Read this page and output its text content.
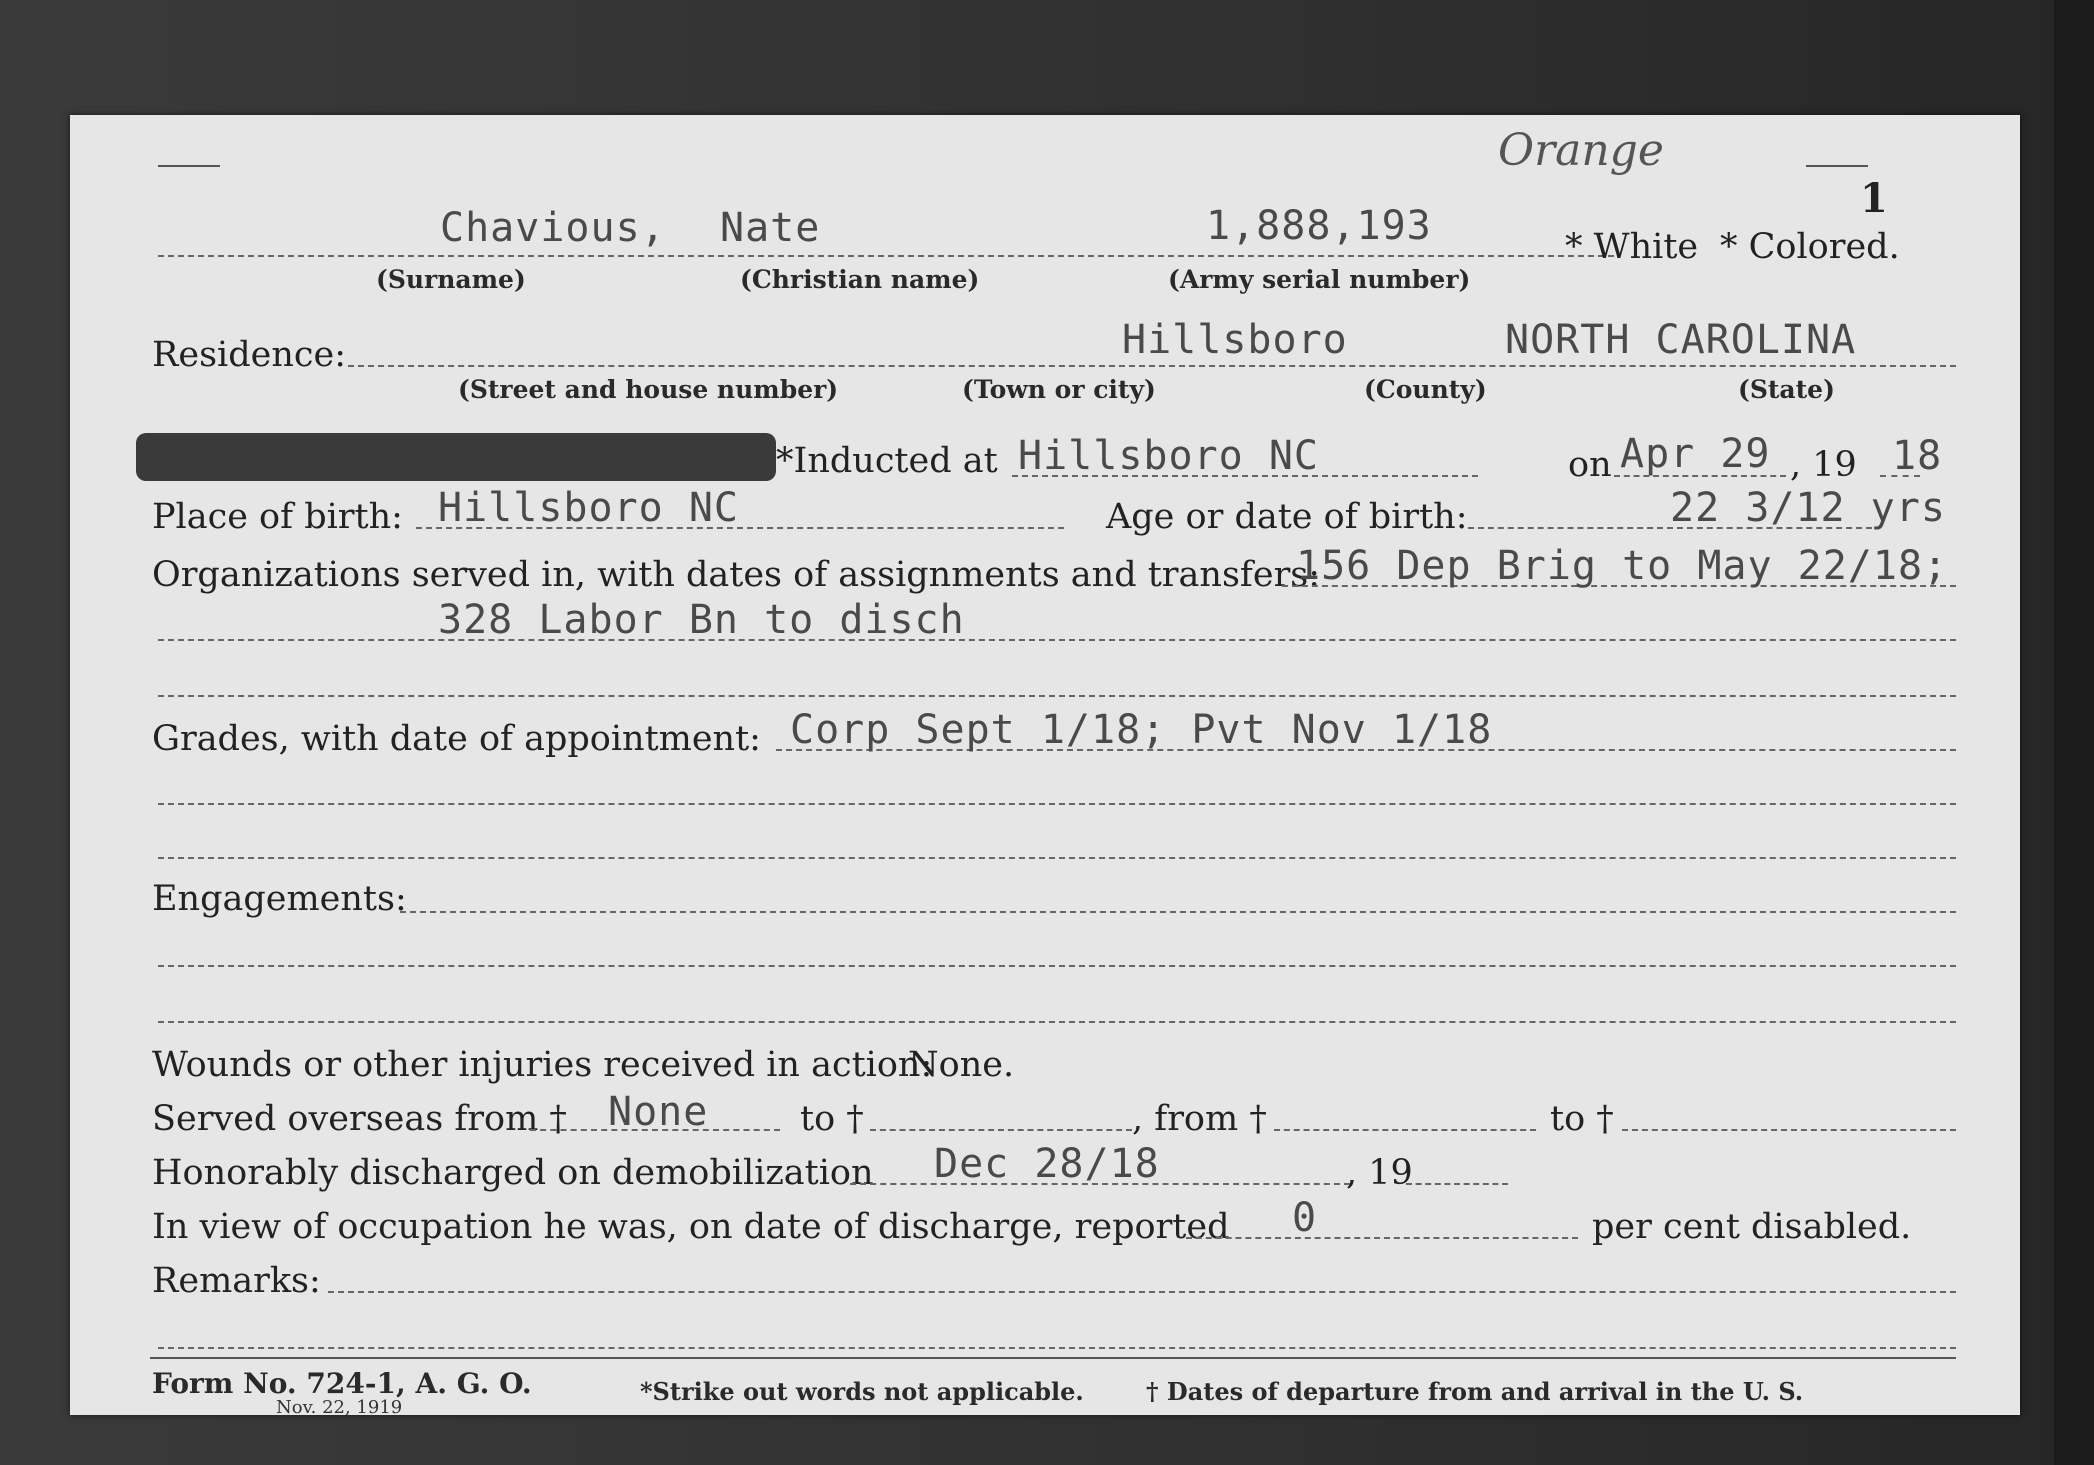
Orange
1
Chavious, Nate	1,888,193	* White * Colored.
(Surname)	(Christian name)	(Army serial number)
Residence:	Hillsboro	NORTH CAROLINA
(Street and house number)	(Town or city)	(County)	(State)
*Inducted at Hillsboro NC	on Apr 29 , 19 18
Place of birth: Hillsboro NC	Age or date of birth:	22 3/12 yrs
Organizations served in, with dates of assignments and transfers:
156 Dep Brig to May 22/18;
328 Labor Bn to disch
Grades, with date of appointment: Corp Sept 1/18; Pvt Nov 1/18
Engagements:
Wounds or other injuries received in action:
None.
Served overseas from † None	to †	, from †	to †
Honorably discharged on demobilization Dec 28/18	, 19
In view of occupation he was, on date of discharge, reported 0	per cent disabled.
Remarks:
Form No. 724-1, A. G. O.
Nov. 22, 1919
*Strike out words not applicable.	† Dates of departure from and arrival in the U. S.
